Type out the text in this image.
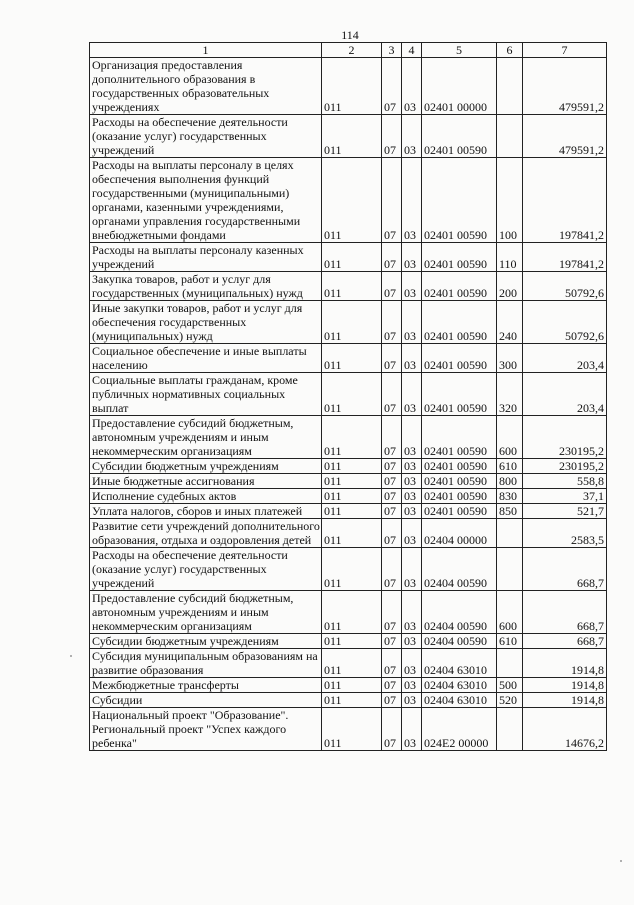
114
1	2	3	4	5	6	7
Организация предоставления дополнительного образования в государственных образовательных учреждениях	011	07	03	02401 00000		479591,2
Расходы на обеспечение деятельности (оказание услуг) государственных учреждений	011	07	03	02401 00590		479591,2
Расходы на выплаты персоналу в целях обеспечения выполнения функций государственными (муниципальными) органами, казенными учреждениями, органами управления государственными внебюджетными фондами	011	07	03	02401 00590	100	197841,2
Расходы на выплаты персоналу казенных учреждений	011	07	03	02401 00590	110	197841,2
Закупка товаров, работ и услуг для государственных (муниципальных) нужд	011	07	03	02401 00590	200	50792,6
Иные закупки товаров, работ и услуг для обеспечения государственных (муниципальных) нужд	011	07	03	02401 00590	240	50792,6
Социальное обеспечение и иные выплаты населению	011	07	03	02401 00590	300	203,4
Социальные выплаты гражданам, кроме публичных нормативных социальных выплат	011	07	03	02401 00590	320	203,4
Предоставление субсидий бюджетным, автономным учреждениям и иным некоммерческим организациям	011	07	03	02401 00590	600	230195,2
Субсидии бюджетным учреждениям	011	07	03	02401 00590	610	230195,2
Иные бюджетные ассигнования	011	07	03	02401 00590	800	558,8
Исполнение судебных актов	011	07	03	02401 00590	830	37,1
Уплата налогов, сборов и иных платежей	011	07	03	02401 00590	850	521,7
Развитие сети учреждений дополнительного образования, отдыха и оздоровления детей	011	07	03	02404 00000		2583,5
Расходы на обеспечение деятельности (оказание услуг) государственных учреждений	011	07	03	02404 00590		668,7
Предоставление субсидий бюджетным, автономным учреждениям и иным некоммерческим организациям	011	07	03	02404 00590	600	668,7
Субсидии бюджетным учреждениям	011	07	03	02404 00590	610	668,7
Субсидия муниципальным образованиям на развитие образования	011	07	03	02404 63010		1914,8
Межбюджетные трансферты	011	07	03	02404 63010	500	1914,8
Субсидии	011	07	03	02404 63010	520	1914,8
Национальный проект "Образование". Региональный проект "Успех каждого ребенка"	011	07	03	024E2 00000		14676,2
